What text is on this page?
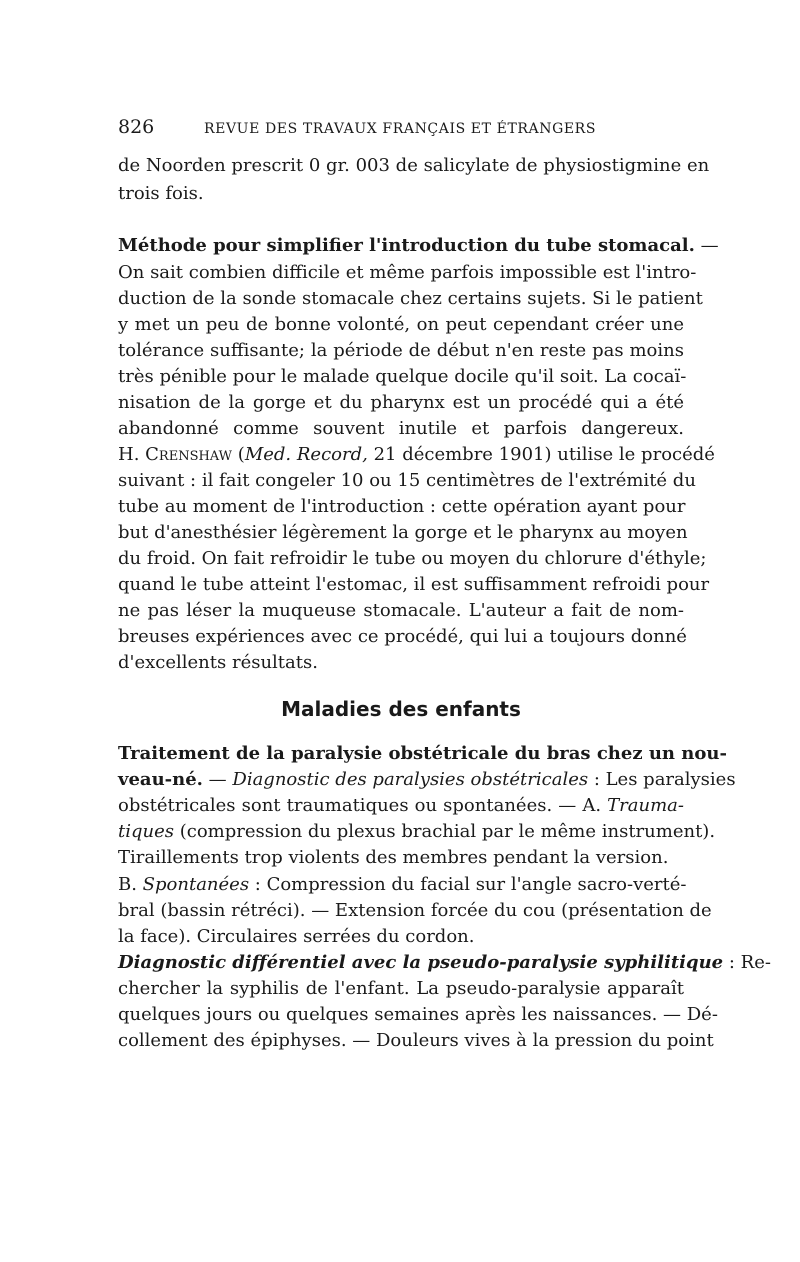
826	REVUE DES TRAVAUX FRANÇAIS ET ÉTRANGERS
de Noorden prescrit 0 gr. 003 de salicylate de physiostigmine en
trois fois.
Méthode pour simplifier l'introduction du tube stomacal. —
On sait combien difficile et même parfois impossible est l'intro-
duction de la sonde stomacale chez certains sujets. Si le patient
y met un peu de bonne volonté, on peut cependant créer une
tolérance suffisante; la période de début n'en reste pas moins
très pénible pour le malade quelque docile qu'il soit. La cocaï-
nisation de la gorge et du pharynx est un procédé qui a été
abandonné comme souvent inutile et parfois dangereux.
H. Crenshaw (Med. Record, 21 décembre 1901) utilise le procédé
suivant : il fait congeler 10 ou 15 centimètres de l'extrémité du
tube au moment de l'introduction : cette opération ayant pour
but d'anesthésier légèrement la gorge et le pharynx au moyen
du froid. On fait refroidir le tube ou moyen du chlorure d'éthyle;
quand le tube atteint l'estomac, il est suffisamment refroidi pour
ne pas léser la muqueuse stomacale. L'auteur a fait de nom-
breuses expériences avec ce procédé, qui lui a toujours donné
d'excellents résultats.
Maladies des enfants
Traitement de la paralysie obstétricale du bras chez un nou-
veau-né. — Diagnostic des paralysies obstétricales : Les paralysies
obstétricales sont traumatiques ou spontanées. — A. Trauma-
tiques (compression du plexus brachial par le même instrument).
Tiraillements trop violents des membres pendant la version.
B. Spontanées : Compression du facial sur l'angle sacro-verté-
bral (bassin rétréci). — Extension forcée du cou (présentation de
la face). Circulaires serrées du cordon.
Diagnostic différentiel avec la pseudo-paralysie syphilitique : Re-
chercher la syphilis de l'enfant. La pseudo-paralysie apparaît
quelques jours ou quelques semaines après les naissances. — Dé-
collement des épiphyses. — Douleurs vives à la pression du point
